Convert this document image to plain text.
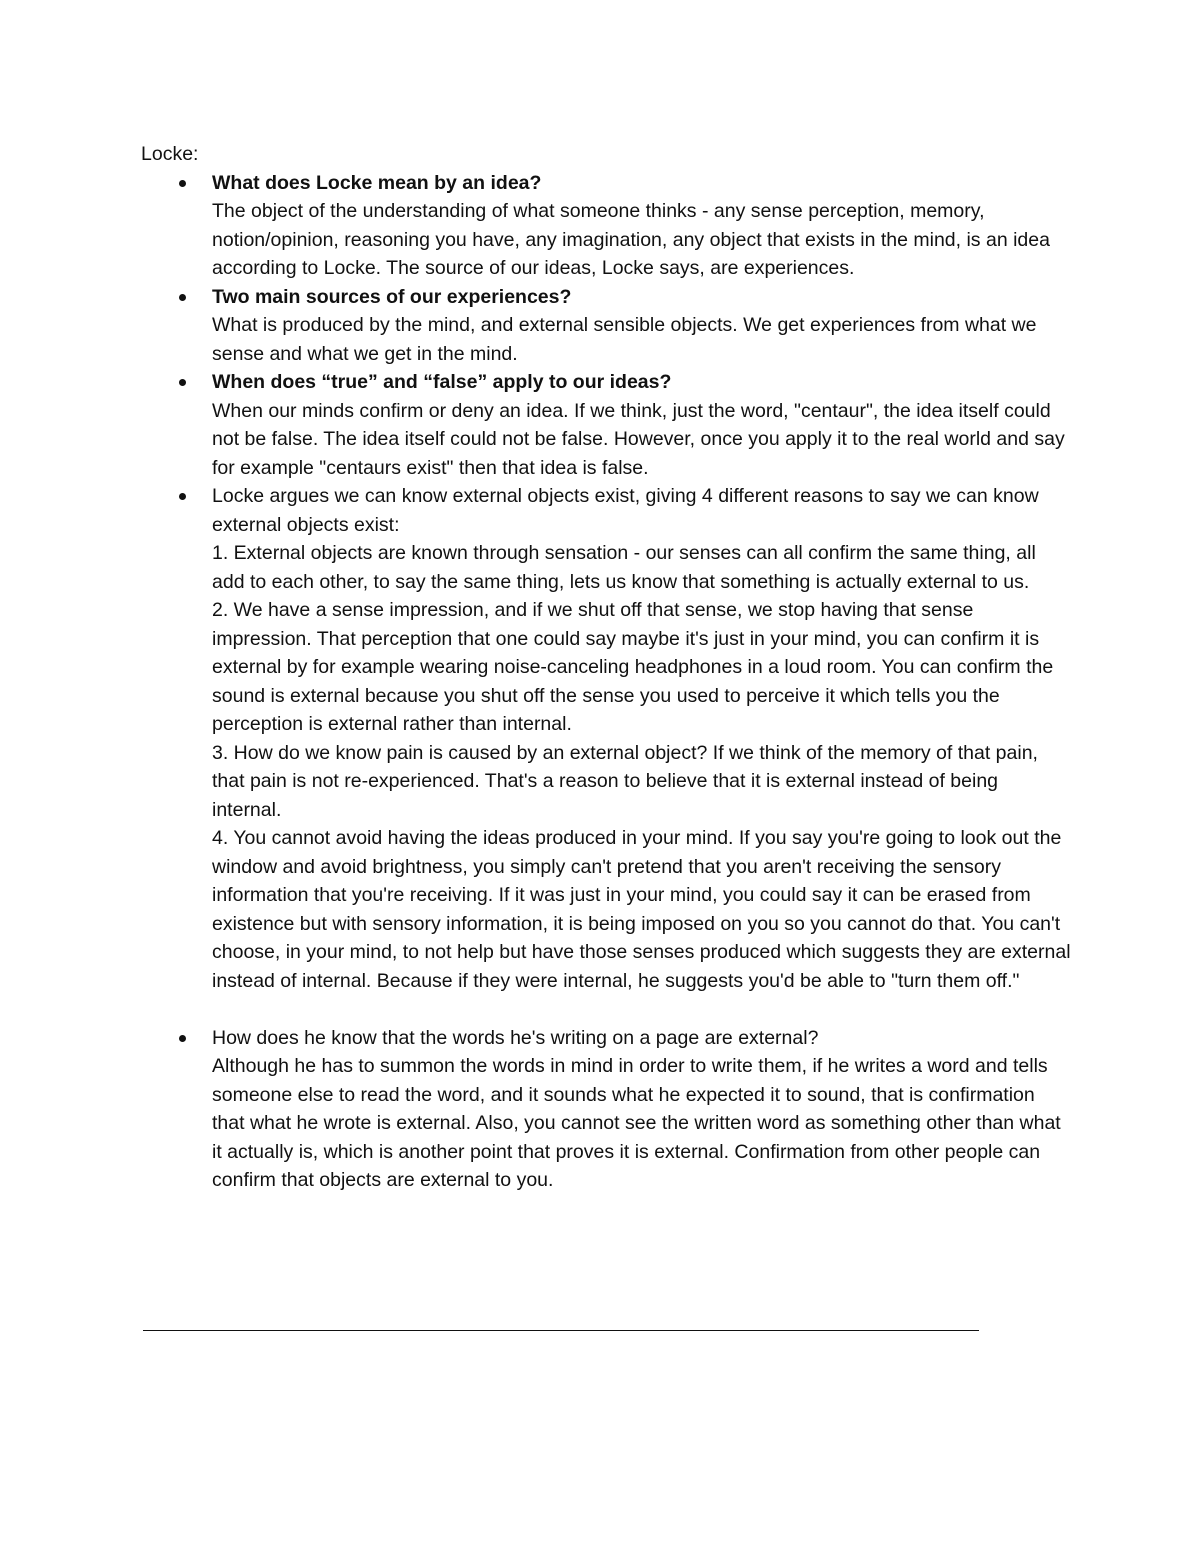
Locke:

What does Locke mean by an idea?
The object of the understanding of what someone thinks - any sense perception, memory, notion/opinion, reasoning you have, any imagination, any object that exists in the mind, is an idea according to Locke. The source of our ideas, Locke says, are experiences.
Two main sources of our experiences?
What is produced by the mind, and external sensible objects. We get experiences from what we sense and what we get in the mind.
When does “true” and “false” apply to our ideas?
When our minds confirm or deny an idea. If we think, just the word, "centaur", the idea itself could not be false. The idea itself could not be false. However, once you apply it to the real world and say for example "centaurs exist" then that idea is false.
Locke argues we can know external objects exist, giving 4 different reasons to say we can know external objects exist:
1. External objects are known through sensation - our senses can all confirm the same thing, all add to each other, to say the same thing, lets us know that something is actually external to us.
2. We have a sense impression, and if we shut off that sense, we stop having that sense impression. That perception that one could say maybe it's just in your mind, you can confirm it is external by for example wearing noise-canceling headphones in a loud room. You can confirm the sound is external because you shut off the sense you used to perceive it which tells you the perception is external rather than internal.
3. How do we know pain is caused by an external object? If we think of the memory of that pain, that pain is not re-experienced. That's a reason to believe that it is external instead of being internal.
4. You cannot avoid having the ideas produced in your mind. If you say you're going to look out the window and avoid brightness, you simply can't pretend that you aren't receiving the sensory information that you're receiving. If it was just in your mind, you could say it can be erased from existence but with sensory information, it is being imposed on you so you cannot do that. You can't choose, in your mind, to not help but have those senses produced which suggests they are external instead of internal. Because if they were internal, he suggests you'd be able to "turn them off."
How does he know that the words he's writing on a page are external?
Although he has to summon the words in mind in order to write them, if he writes a word and tells someone else to read the word, and it sounds what he expected it to sound, that is confirmation that what he wrote is external. Also, you cannot see the written word as something other than what it actually is, which is another point that proves it is external. Confirmation from other people can confirm that objects are external to you.
